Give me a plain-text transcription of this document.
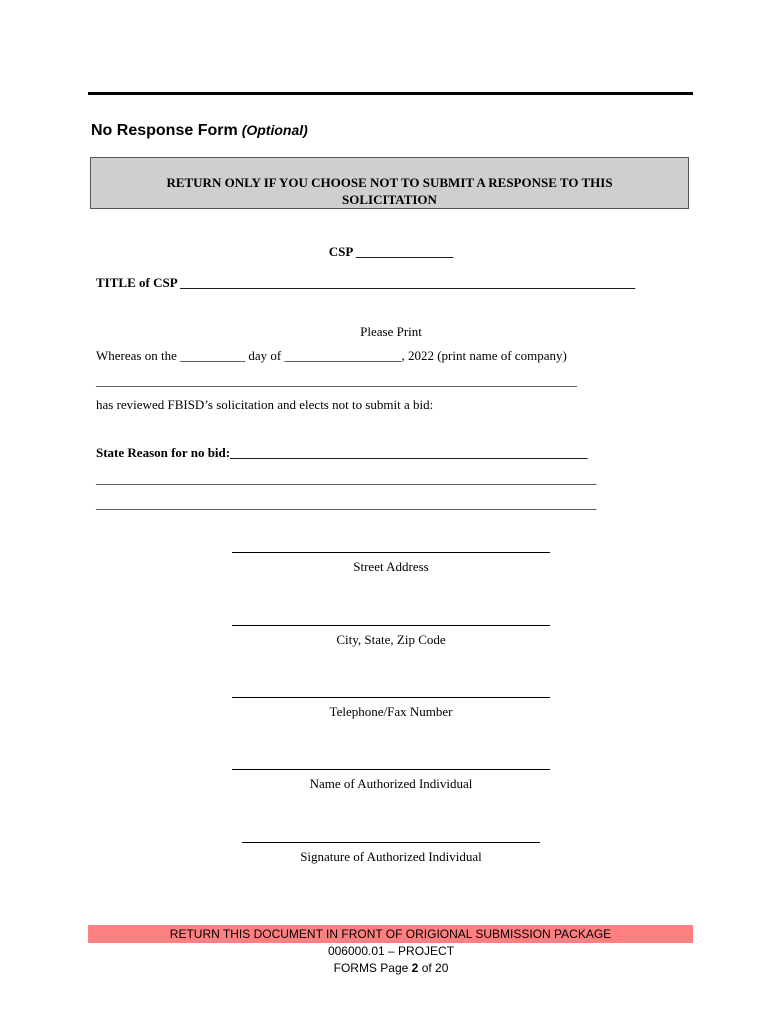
No Response Form (Optional)
RETURN ONLY IF YOU CHOOSE NOT TO SUBMIT A RESPONSE TO THIS
SOLICITATION
CSP _______________
TITLE of CSP ______________________________________________________________________
Please Print
Whereas on the __________ day of __________________, 2022 (print name of company)
__________________________________________________________________________
has reviewed FBISD’s solicitation and elects not to submit a bid:
State Reason for no bid:_______________________________________________________
_____________________________________________________________________________
_____________________________________________________________________________
Street Address
City, State, Zip Code
Telephone/Fax Number
Name of Authorized Individual
Signature of Authorized Individual
RETURN THIS DOCUMENT IN FRONT OF ORIGIONAL SUBMISSION PACKAGE
006000.01 – PROJECT
FORMS Page 2 of 20
